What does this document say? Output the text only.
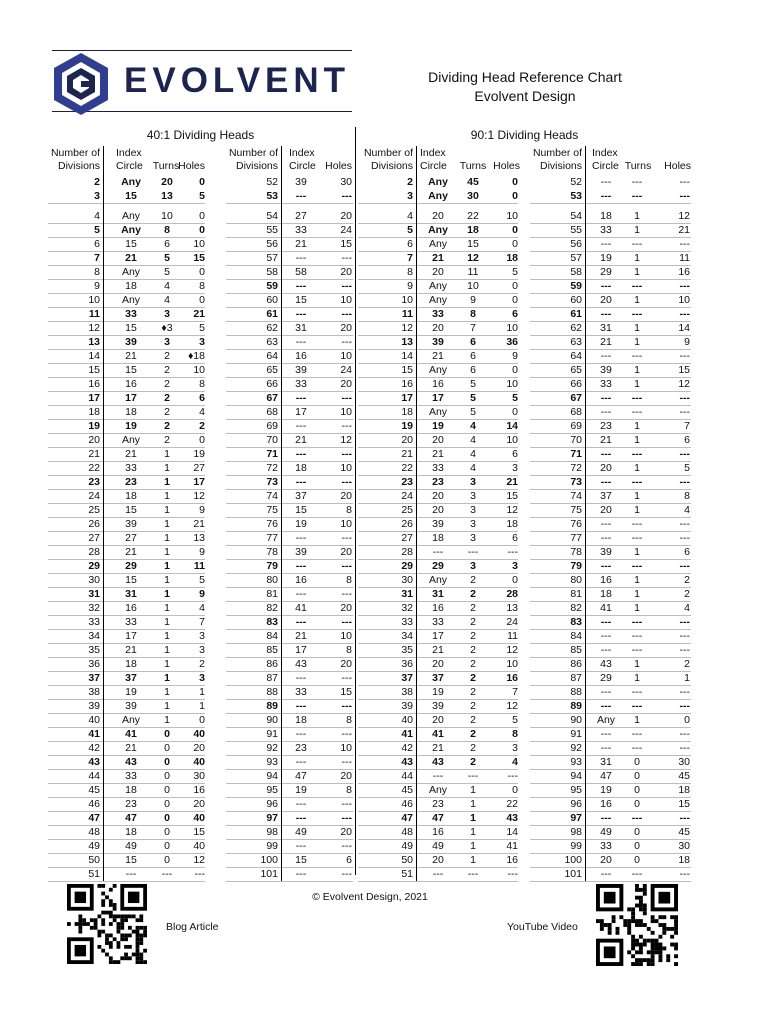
EVOLVENT	Dividing Head Reference Chart
Evolvent Design
40:1 Dividing Heads	90:1 Dividing Heads
Number of
Divisions
Index
Circle Turns
Holes
Number of
Divisions
Index
Circle Holes
Number of
Divisions
Index
Circle	Turns Holes
Number of
Divisions
Index
Circle Turns	Holes
2	Any	20	0
3	15	13	5
4	Any	10	0
5	Any	8	0
6	15	6	10
7	21	5	15
8	Any	5	0
9	18	4	8
10	Any	4	0
11	33	3	21
12	15	♦3	5
13	39	3	3
14	21	2	♦18
15	15	2	10
16	16	2	8
17	17	2	6
18	18	2	4
19	19	2	2
20	Any	2	0
21	21	1	19
22	33	1	27
23	23	1	17
24	18	1	12
25	15	1	9
26	39	1	21
27	27	1	13
28	21	1	9
29	29	1	11
30	15	1	5
31	31	1	9
32	16	1	4
33	33	1	7
34	17	1	3
35	21	1	3
36	18	1	2
37	37	1	3
38	19	1	1
39	39	1	1
40	Any	1	0
41	41	0	40
42	21	0	20
43	43	0	40
44	33	0	30
45	18	0	16
46	23	0	20
47	47	0	40
48	18	0	15
49	49	0	40
50	15	0	12
51	---	---	---
52	39	30
53	---	---
54	27	20
55	33	24
56	21	15
57	---	---
58	58	20
59	---	---
60	15	10
61	---	---
62	31	20
63	---	---
64	16	10
65	39	24
66	33	20
67	---	---
68	17	10
69	---	---
70	21	12
71	---	---
72	18	10
73	---	---
74	37	20
75	15	8
76	19	10
77	---	---
78	39	20
79	---	---
80	16	8
81	---	---
82	41	20
83	---	---
84	21	10
85	17	8
86	43	20
87	---	---
88	33	15
89	---	---
90	18	8
91	---	---
92	23	10
93	---	---
94	47	20
95	19	8
96	---	---
97	---	---
98	49	20
99	---	---
100	15	6
101	---	---
2	Any	45	0
3	Any	30	0
4	20	22	10
5	Any	18	0
6	Any	15	0
7	21	12	18
8	20	11	5
9	Any	10	0
10	Any	9	0
11	33	8	6
12	20	7	10
13	39	6	36
14	21	6	9
15	Any	6	0
16	16	5	10
17	17	5	5
18	Any	5	0
19	19	4	14
20	20	4	10
21	21	4	6
22	33	4	3
23	23	3	21
24	20	3	15
25	20	3	12
26	39	3	18
27	18	3	6
28	---	---	---
29	29	3	3
30	Any	2	0
31	31	2	28
32	16	2	13
33	33	2	24
34	17	2	11
35	21	2	12
36	20	2	10
37	37	2	16
38	19	2	7
39	39	2	12
40	20	2	5
41	41	2	8
42	21	2	3
43	43	2	4
44	---	---	---
45	Any	1	0
46	23	1	22
47	47	1	43
48	16	1	14
49	49	1	41
50	20	1	16
51	---	---	---
52	---	---	---
53	---	---	---
54	18	1	12
55	33	1	21
56	---	---	---
57	19	1	11
58	29	1	16
59	---	---	---
60	20	1	10
61	---	---	---
62	31	1	14
63	21	1	9
64	---	---	---
65	39	1	15
66	33	1	12
67	---	---	---
68	---	---	---
69	23	1	7
70	21	1	6
71	---	---	---
72	20	1	5
73	---	---	---
74	37	1	8
75	20	1	4
76	---	---	---
77	---	---	---
78	39	1	6
79	---	---	---
80	16	1	2
81	18	1	2
82	41	1	4
83	---	---	---
84	---	---	---
85	---	---	---
86	43	1	2
87	29	1	1
88	---	---	---
89	---	---	---
90	Any	1	0
91	---	---	---
92	---	---	---
93	31	0	30
94	47	0	45
95	19	0	18
96	16	0	15
97	---	---	---
98	49	0	45
99	33	0	30
100	20	0	18
101	---	---	---
© Evolvent Design, 2021
Blog Article	YouTube Video
